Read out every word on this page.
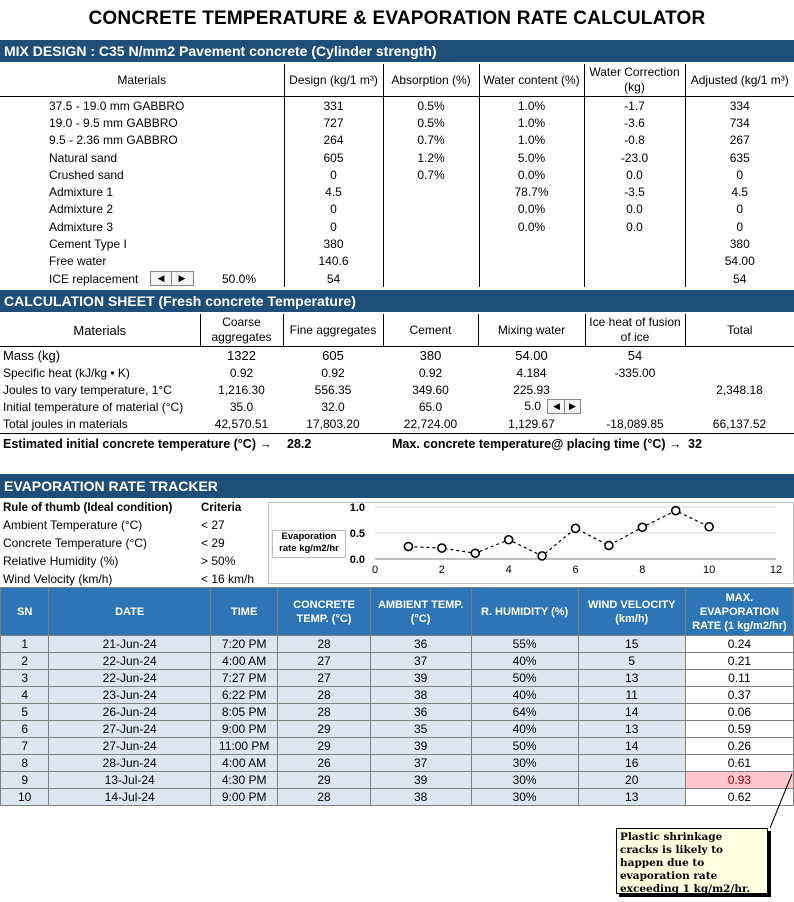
CONCRETE TEMPERATURE & EVAPORATION RATE CALCULATOR
MIX DESIGN : C35 N/mm2 Pavement concrete (Cylinder strength)
Materials	Design (kg/1 m³)	Absorption (%)	Water content (%)	Water Correction (kg)	Adjusted (kg/1 m³)
37.5 - 19.0 mm GABBRO	331	0.5%	1.0%	-1.7	334
19.0 - 9.5 mm GABBRO	727	0.5%	1.0%	-3.6	734
9.5 - 2.36 mm GABBRO	264	0.7%	1.0%	-0.8	267
Natural sand	605	1.2%	5.0%	-23.0	635
Crushed sand	0	0.7%	0.0%	0.0	0
Admixture 1	4.5		78.7%	-3.5	4.5
Admixture 2	0		0.0%	0.0	0
Admixture 3	0		0.0%	0.0	0
Cement Type I	380				380
Free water	140.6				54.00
ICE replacement ◀ ▶ 50.0%	54				54
CALCULATION SHEET (Fresh concrete Temperature)
Materials	Coarse aggregates	Fine aggregates	Cement	Mixing water	Ice heat of fusion of ice	Total
Mass (kg)	1322	605	380	54.00	54	
Specific heat (kJ/kg • K)	0.92	0.92	0.92	4.184	-335.00	
Joules to vary temperature, 1°C	1,216.30	556.35	349.60	225.93		2,348.18
Initial temperature of material (°C)	35.0	32.0	65.0	5.0 ◀ ▶		
Total joules in materials	42,570.51	17,803.20	22,724.00	1,129.67	-18,089.85	66,137.52
Estimated initial concrete temperature (°C) → 28.2	Max. concrete temperature@ placing time (°C) → 32
EVAPORATION RATE TRACKER
Rule of thumb (Ideal condition) Criteria
Ambient Temperature (°C)	< 27
Concrete Temperature (°C)	< 29
Relative Humidity (%)	> 50%
Wind Velocity (km/h)	< 16 km/h
Evaporation rate kg/m2/hr
0.0
0.5
1.0
0	2	4	6	8	10	12
SN	DATE	TIME	CONCRETE TEMP. (°C)	AMBIENT TEMP. (°C)	R. HUMIDITY (%)	WIND VELOCITY (km/h)	MAX. EVAPORATION RATE (1 kg/m2/hr)
1	21-Jun-24	7:20 PM	28	36	55%	15	0.24
2	22-Jun-24	4:00 AM	27	37	40%	5	0.21
3	22-Jun-24	7:27 PM	27	39	50%	13	0.11
4	23-Jun-24	6:22 PM	28	38	40%	11	0.37
5	26-Jun-24	8:05 PM	28	36	64%	14	0.06
6	27-Jun-24	9:00 PM	29	35	40%	13	0.59
7	27-Jun-24	11:00 PM	29	39	50%	14	0.26
8	28-Jun-24	4:00 AM	26	37	30%	16	0.61
9	13-Jul-24	4:30 PM	29	39	30%	20	0.93
10	14-Jul-24	9:00 PM	28	38	30%	13	0.62
Plastic shrinkage cracks is likely to happen due to evaporation rate exceeding 1 kg/m2/hr.
